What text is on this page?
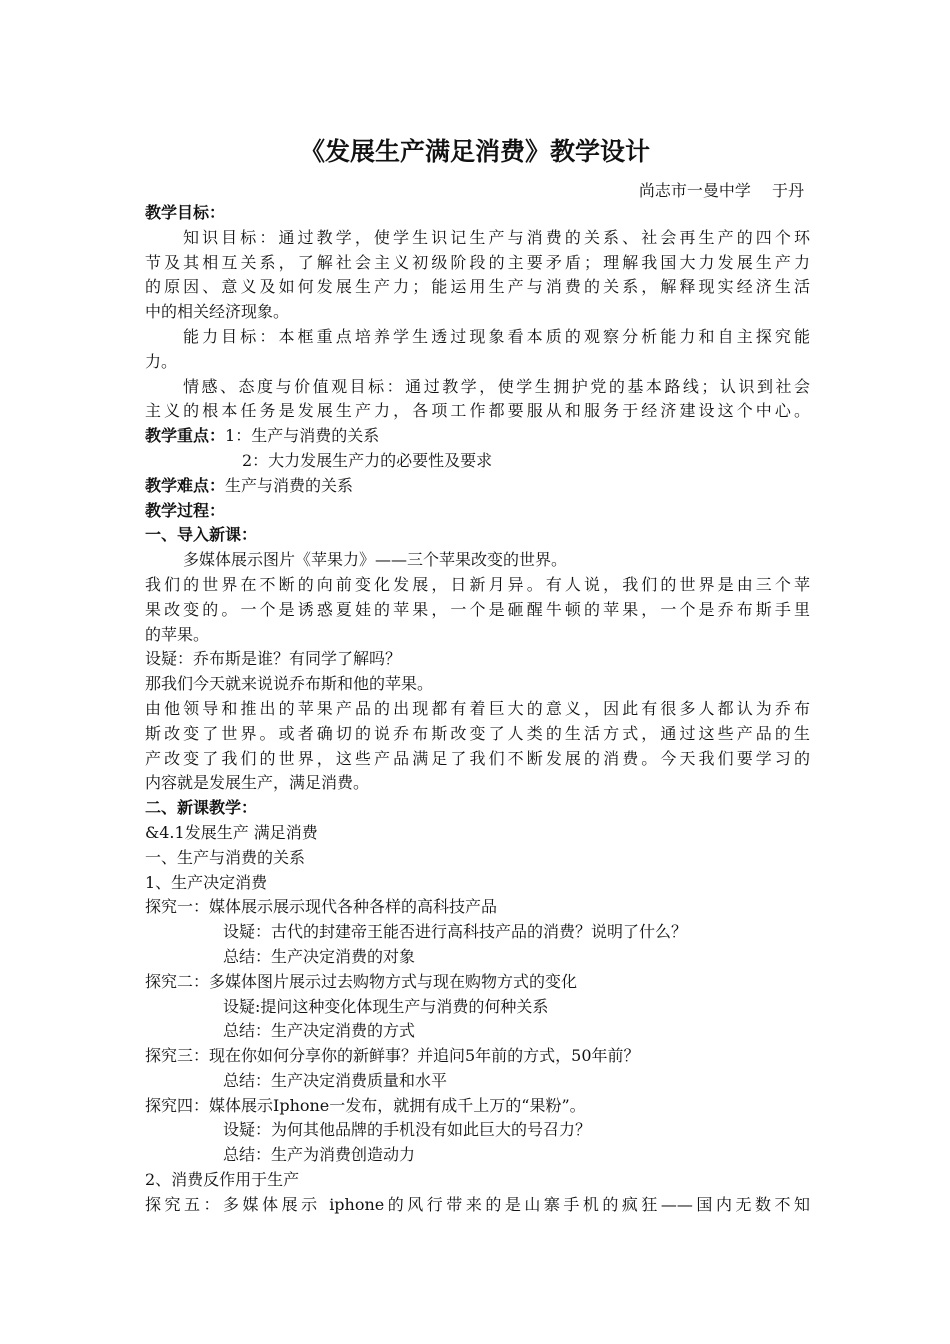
《发展生产满足消费》教学设计
尚志市一曼中学　 于丹
教学目标：
知识目标：通过教学，使学生识记生产与消费的关系、社会再生产的四个环
节及其相互关系，了解社会主义初级阶段的主要矛盾；理解我国大力发展生产力
的原因、意义及如何发展生产力；能运用生产与消费的关系，解释现实经济生活
中的相关经济现象。
能力目标：本框重点培养学生透过现象看本质的观察分析能力和自主探究能
力。
情感、态度与价值观目标：通过教学，使学生拥护党的基本路线；认识到社会
主义的根本任务是发展生产力，各项工作都要服从和服务于经济建设这个中心。
教学重点：1：生产与消费的关系
2：大力发展生产力的必要性及要求
教学难点：生产与消费的关系
教学过程：
一、导入新课：
多媒体展示图片《苹果力》——三个苹果改变的世界。
我们的世界在不断的向前变化发展，日新月异。有人说，我们的世界是由三个苹
果改变的。一个是诱惑夏娃的苹果，一个是砸醒牛顿的苹果，一个是乔布斯手里
的苹果。
设疑：乔布斯是谁？有同学了解吗？
那我们今天就来说说乔布斯和他的苹果。
由他领导和推出的苹果产品的出现都有着巨大的意义，因此有很多人都认为乔布
斯改变了世界。或者确切的说乔布斯改变了人类的生活方式，通过这些产品的生
产改变了我们的世界，这些产品满足了我们不断发展的消费。今天我们要学习的
内容就是发展生产，满足消费。
二、新课教学：
&4.1发展生产 满足消费
一、生产与消费的关系
1、生产决定消费
探究一：媒体展示展示现代各种各样的高科技产品
设疑：古代的封建帝王能否进行高科技产品的消费？说明了什么？
总结：生产决定消费的对象
探究二：多媒体图片展示过去购物方式与现在购物方式的变化
设疑:提问这种变化体现生产与消费的何种关系
总结：生产决定消费的方式
探究三：现在你如何分享你的新鲜事？并追问5年前的方式，50年前？
总结：生产决定消费质量和水平
探究四：媒体展示Iphone一发布，就拥有成千上万的“果粉”。
设疑：为何其他品牌的手机没有如此巨大的号召力？
总结：生产为消费创造动力
2、消费反作用于生产
探究五：多媒体展示 iphone的风行带来的是山寨手机的疯狂——国内无数不知
